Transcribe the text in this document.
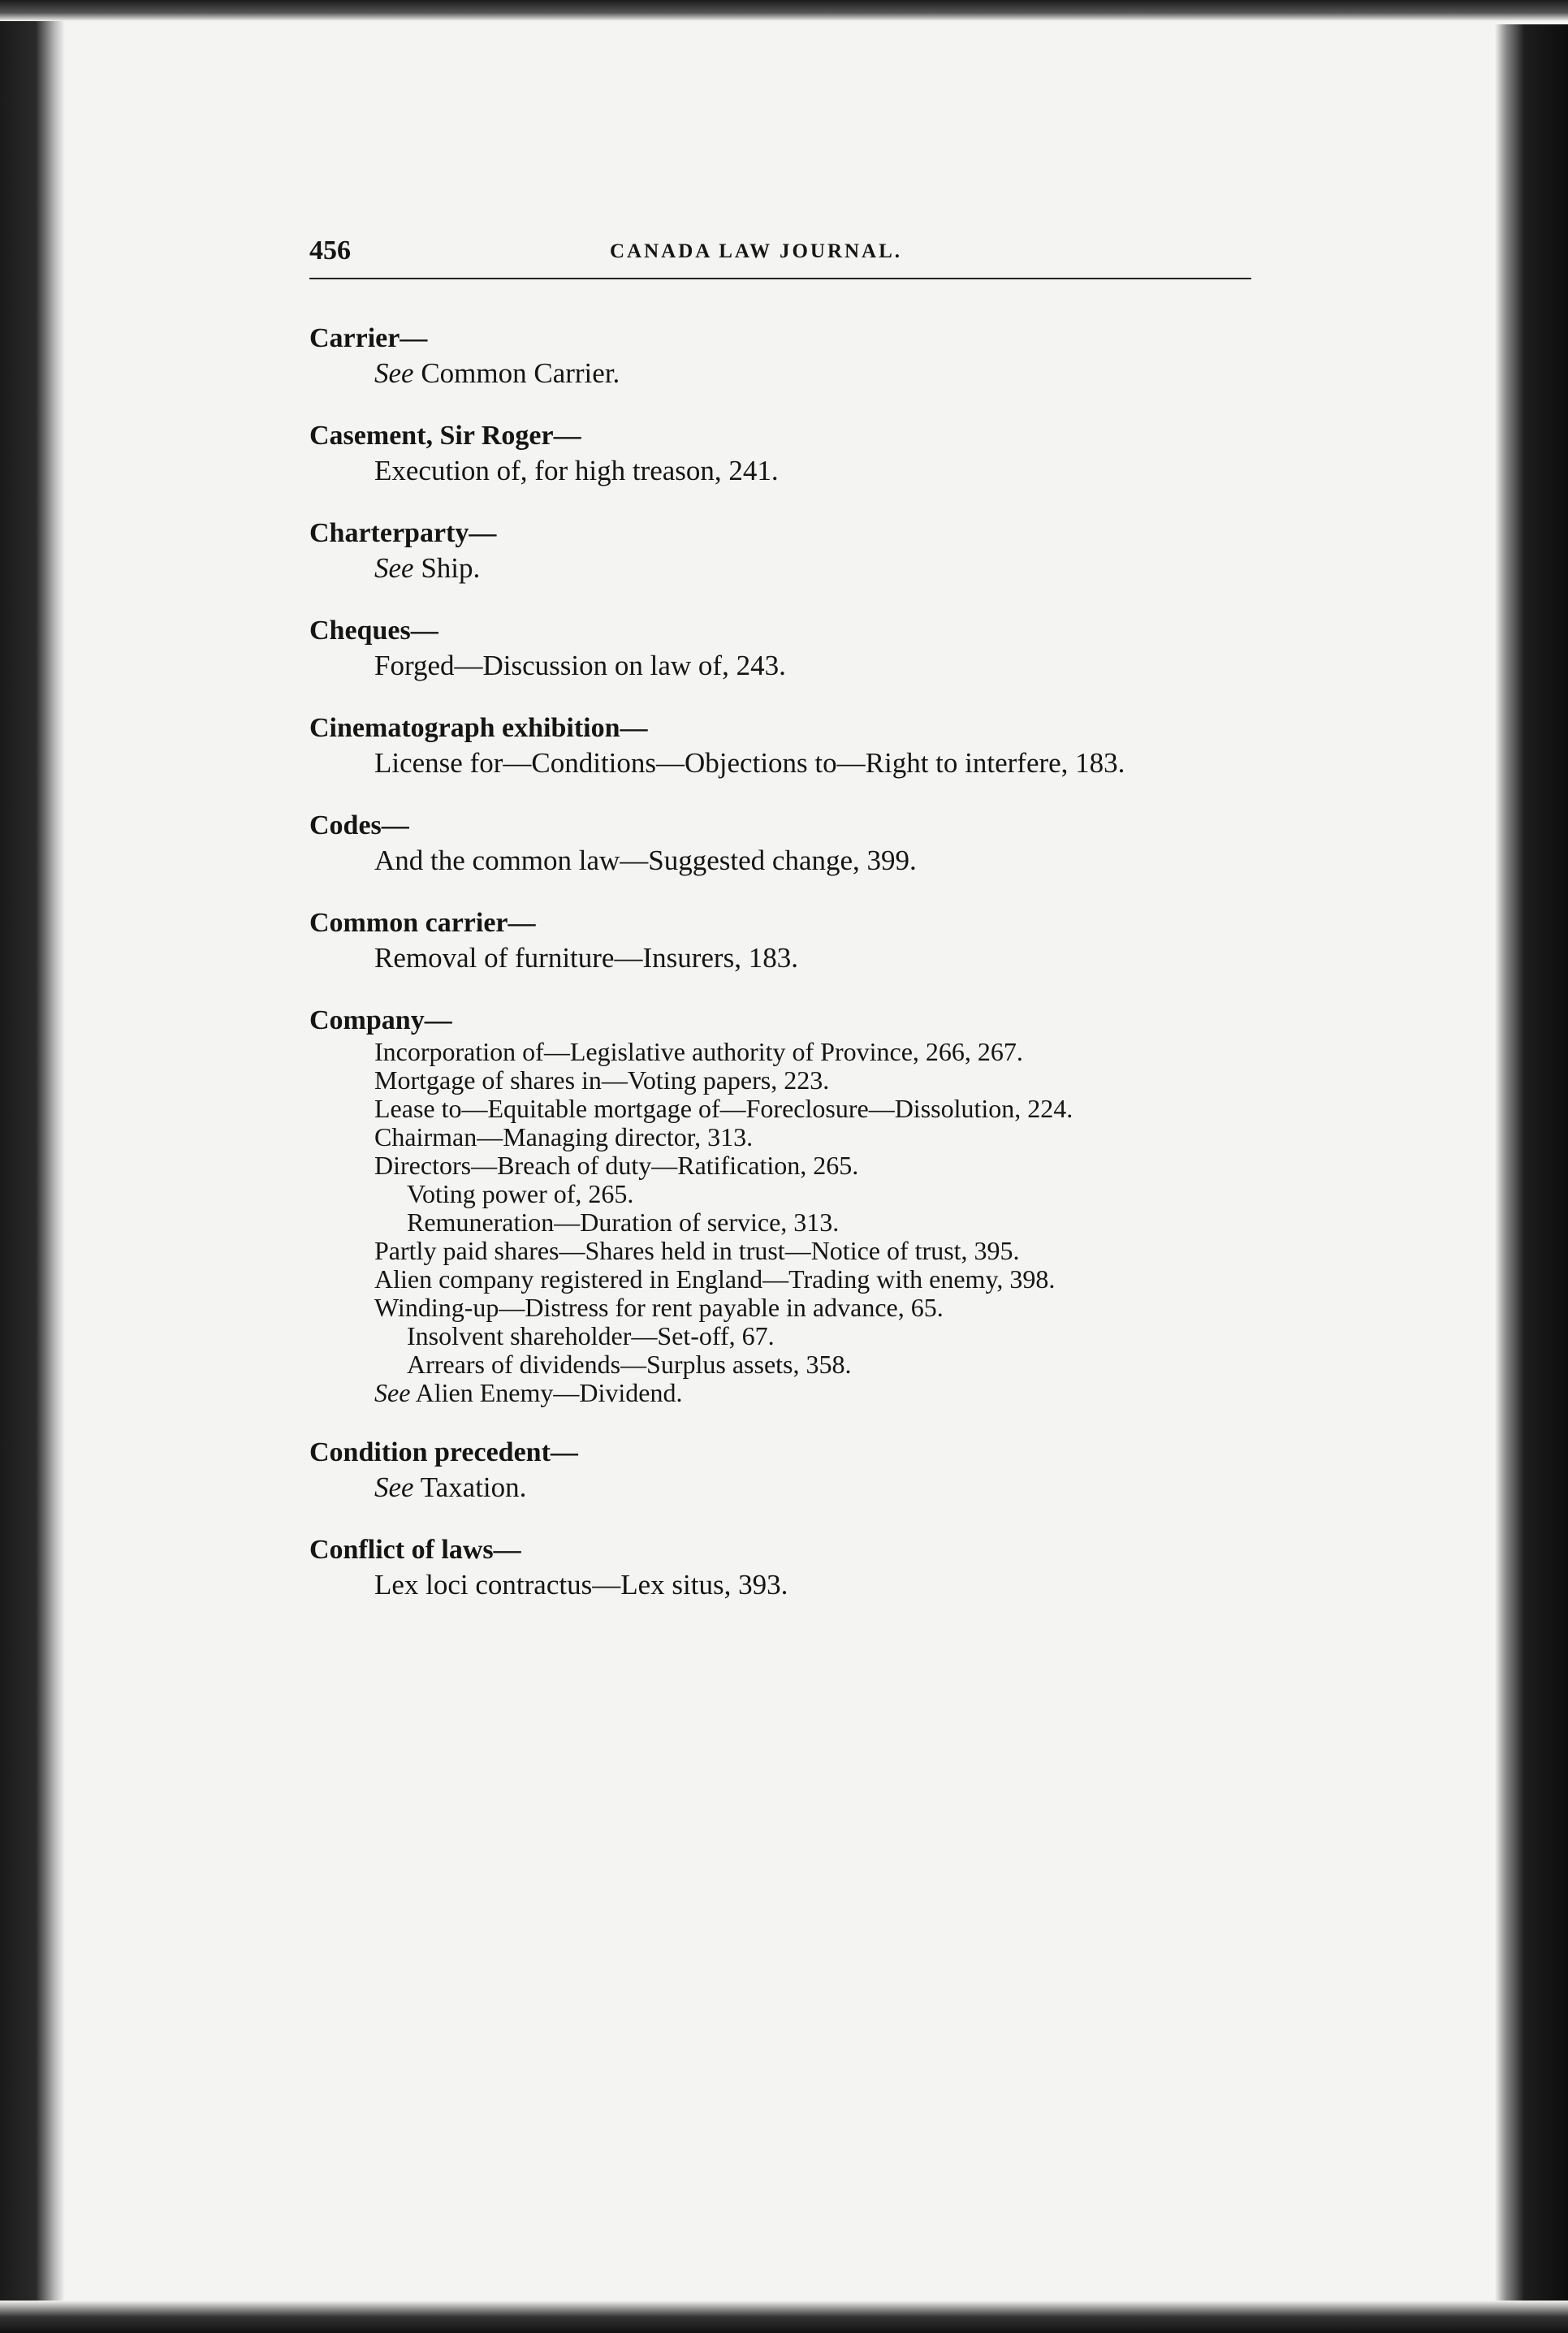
456	CANADA LAW JOURNAL.
Carrier—
See Common Carrier.
Casement, Sir Roger—
Execution of, for high treason, 241.
Charterparty—
See Ship.
Cheques—
Forged—Discussion on law of, 243.
Cinematograph exhibition—
License for—Conditions—Objections to—Right to interfere, 183.
Codes—
And the common law—Suggested change, 399.
Common carrier—
Removal of furniture—Insurers, 183.
Company—
Incorporation of—Legislative authority of Province, 266, 267.
Mortgage of shares in—Voting papers, 223.
Lease to—Equitable mortgage of—Foreclosure—Dissolution, 224.
Chairman—Managing director, 313.
Directors—Breach of duty—Ratification, 265.
Voting power of, 265.
Remuneration—Duration of service, 313.
Partly paid shares—Shares held in trust—Notice of trust, 395.
Alien company registered in England—Trading with enemy, 398.
Winding-up—Distress for rent payable in advance, 65.
Insolvent shareholder—Set-off, 67.
Arrears of dividends—Surplus assets, 358.
See Alien Enemy—Dividend.
Condition precedent—
See Taxation.
Conflict of laws—
Lex loci contractus—Lex situs, 393.
